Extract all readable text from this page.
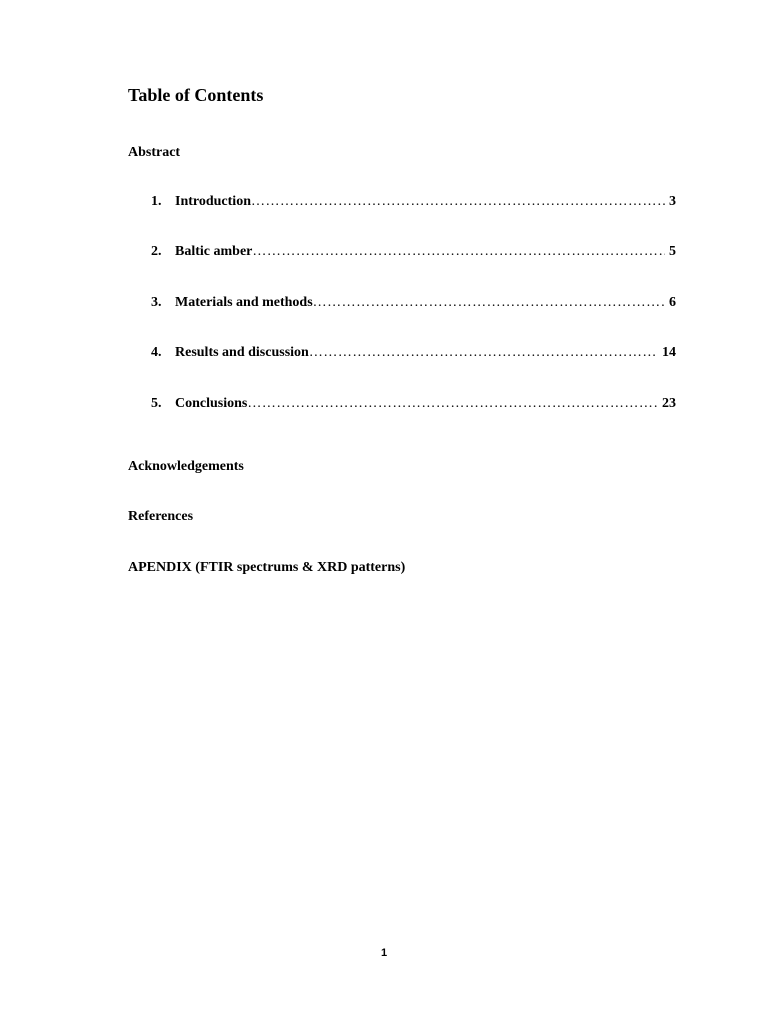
Table of Contents

Abstract

1. Introduction ……………………………………………………………………………………………………………………………………………………	3
2. Baltic amber ……………………………………………………………………………………………………………………………………………………	5
3. Materials and methods ……………………………………………………………………………………………………………………………………………………	6
4. Results and discussion ……………………………………………………………………………………………………………………………………………………	14
5. Conclusions ……………………………………………………………………………………………………………………………………………………	23

Acknowledgements

References

APENDIX (FTIR spectrums & XRD patterns)

1
